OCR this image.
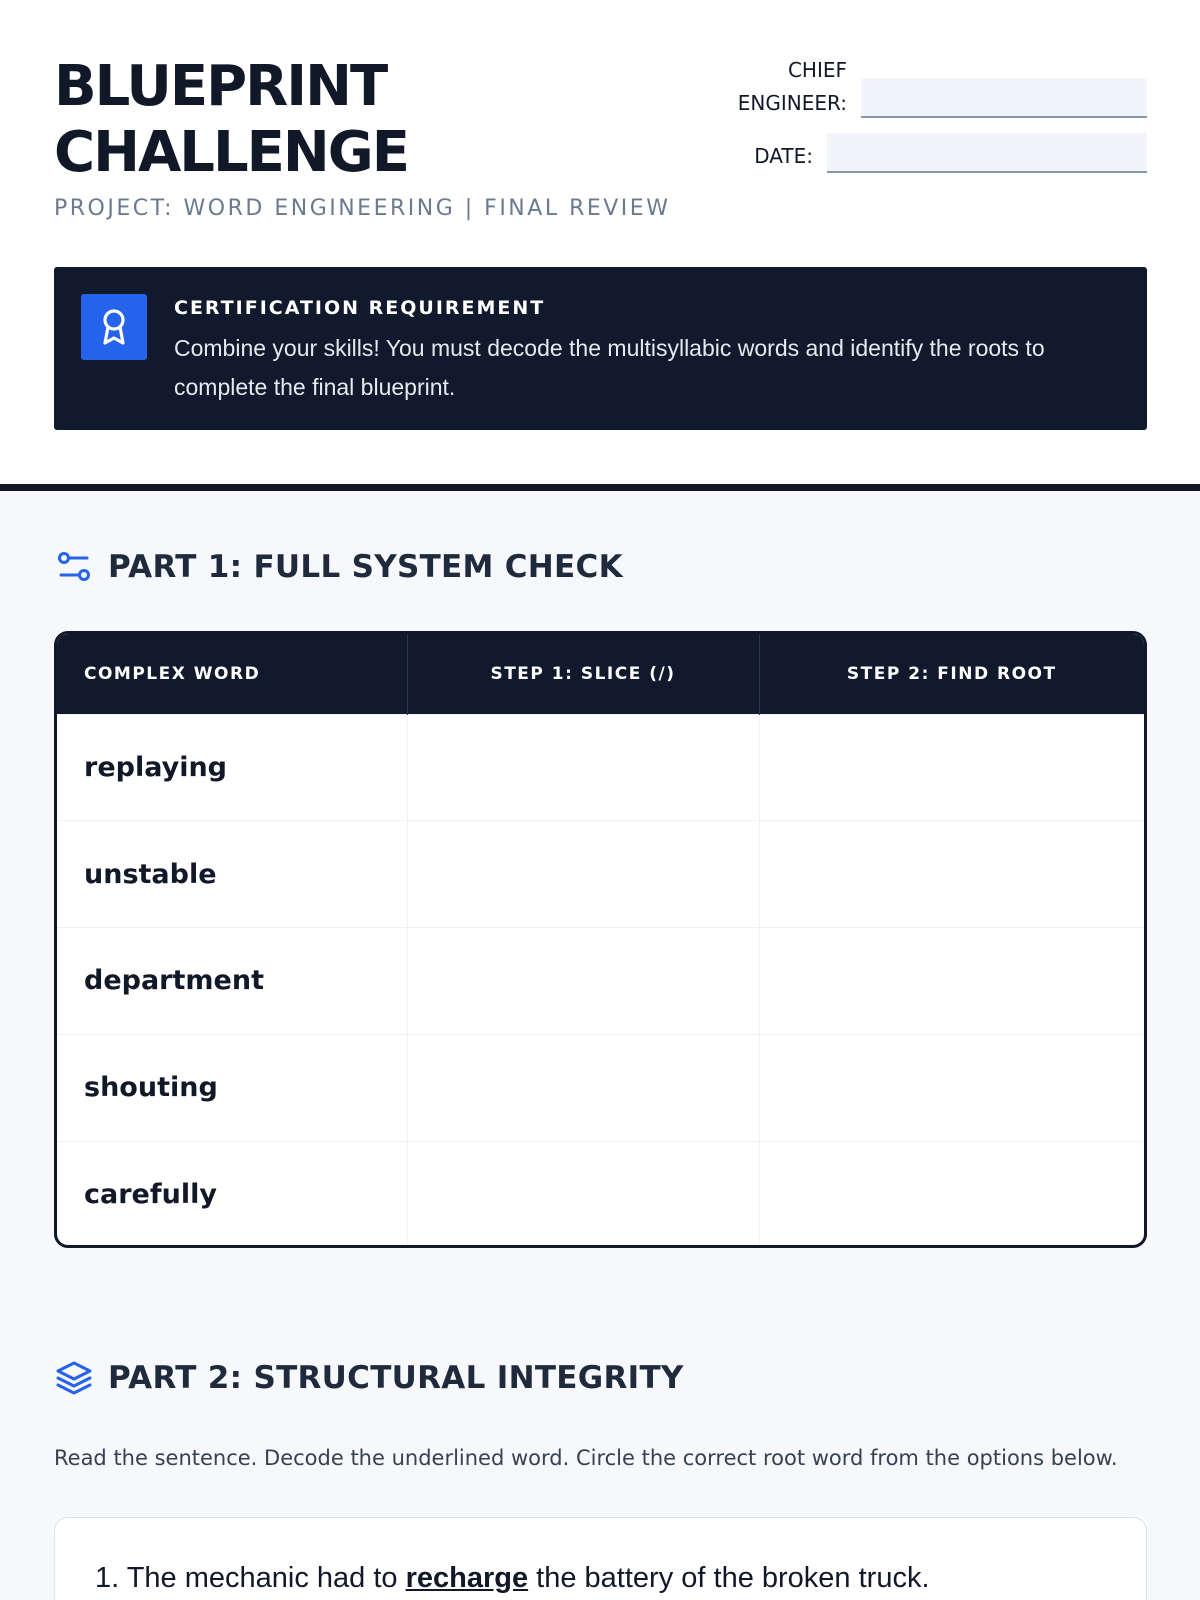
BLUEPRINT
CHALLENGE
PROJECT: WORD ENGINEERING | FINAL REVIEW
CHIEF
ENGINEER:
DATE:
CERTIFICATION REQUIREMENT
Combine your skills! You must decode the multisyllabic words and identify the roots to complete the final blueprint.
PART 1: FULL SYSTEM CHECK
COMPLEX WORD	STEP 1: SLICE (/)	STEP 2: FIND ROOT
replaying		
unstable		
department		
shouting		
carefully		
PART 2: STRUCTURAL INTEGRITY
Read the sentence. Decode the underlined word. Circle the correct root word from the options below.
1. The mechanic had to recharge the battery of the broken truck.
